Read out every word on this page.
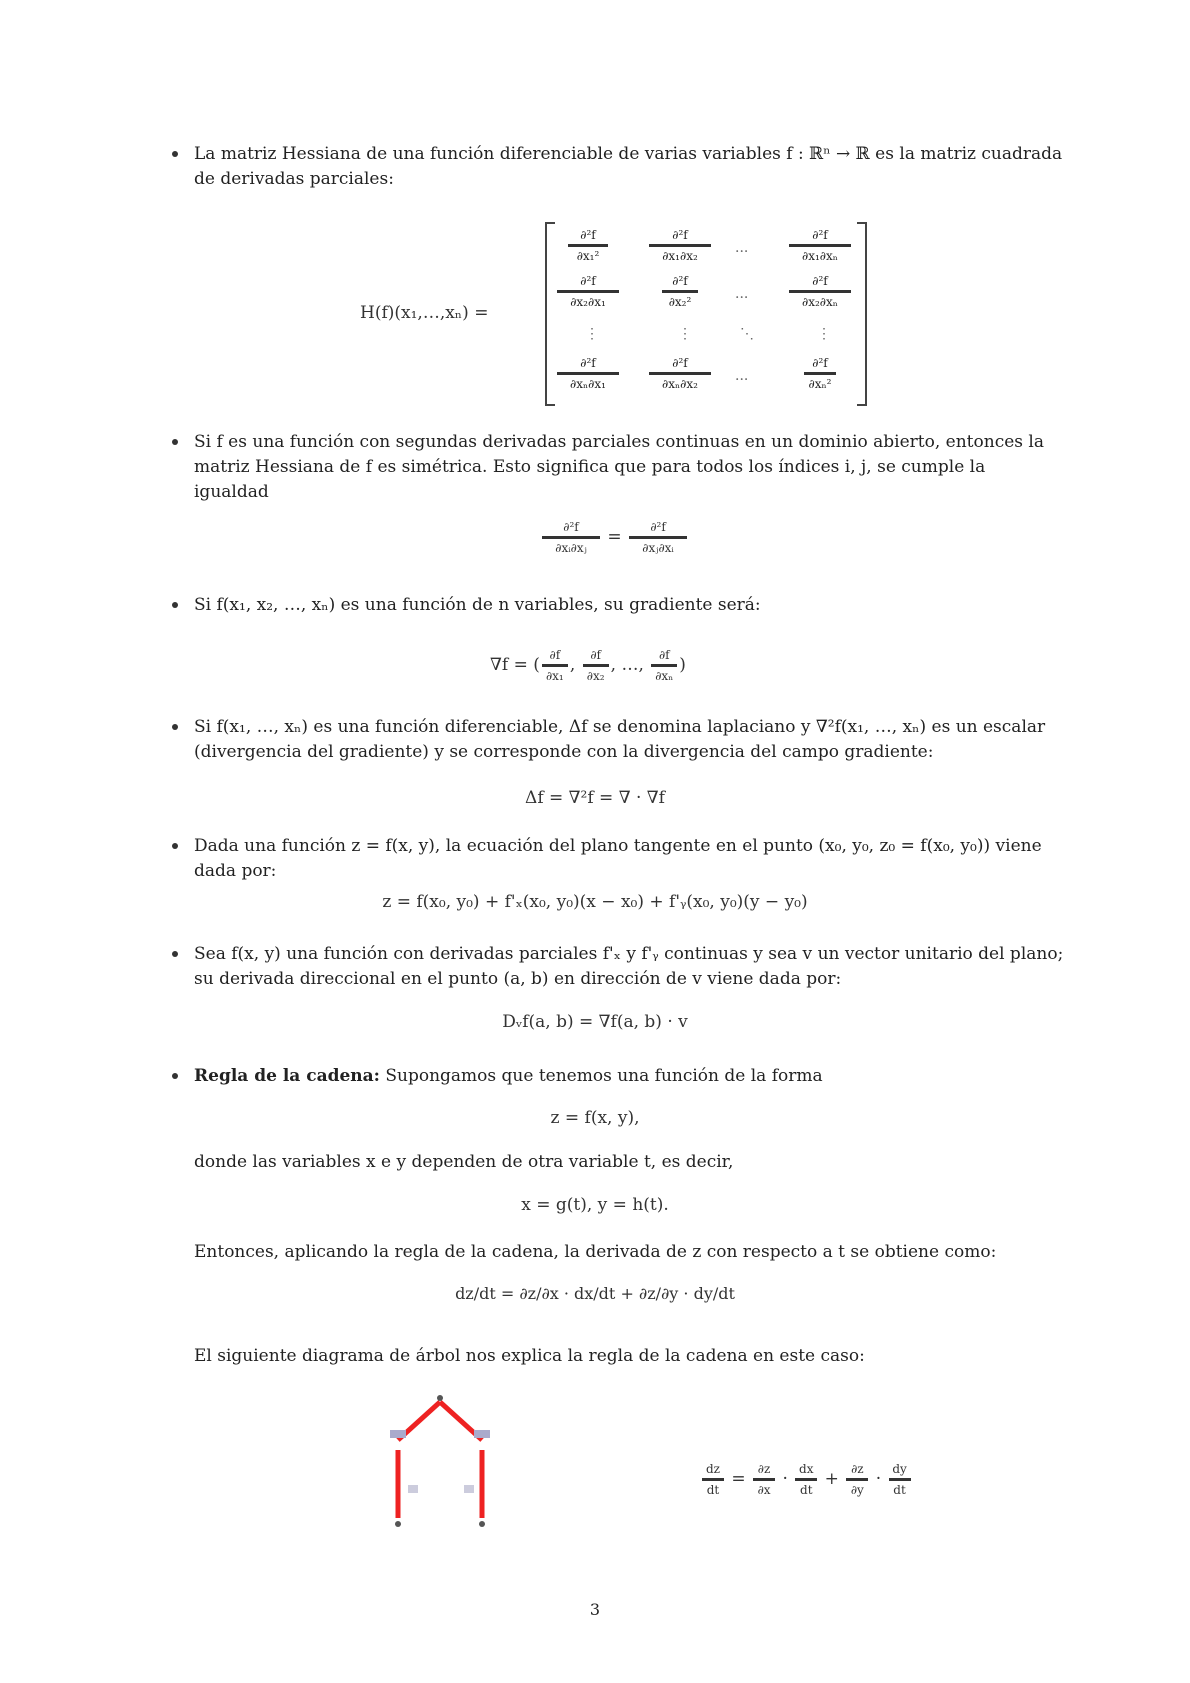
La matriz Hessiana de una función diferenciable de varias variables f : ℝⁿ → ℝ es la matriz cuadrada de derivadas parciales:
H(f)(x₁,…,xₙ) =
$\frac{\text{∂²f}}{\text{∂x₁²}}$	$\frac{\text{∂²f}}{\text{∂x₁∂x₂}}$ ···	$\frac{\text{∂²f}}{\text{∂x₁∂xₙ}}$
$\frac{\text{∂²f}}{\text{∂x₂∂x₁}}$	$\frac{\text{∂²f}}{\text{∂x₂²}}$	···	$\frac{\text{∂²f}}{\text{∂x₂∂xₙ}}$
⋮	⋮	⋱	⋮
$\frac{\text{∂²f}}{\text{∂xₙ∂x₁}}$	$\frac{\text{∂²f}}{\text{∂xₙ∂x₂}}$ ···	$\frac{\text{∂²f}}{\text{∂xₙ²}}$
Si f es una función con segundas derivadas parciales continuas en un dominio abierto, entonces la matriz Hessiana de f es simétrica. Esto significa que para todos los índices i, j, se cumple la igualdad
$\frac{\text{∂²f}}{\text{∂xᵢ∂xⱼ}} = \frac{\text{∂²f}}{\text{∂xⱼ∂xᵢ}}$
Si f(x₁, x₂, …, xₙ) es una función de n variables, su gradiente será:
∇f = ( $\frac{\partial f}{\text{∂x₁}}$ , $\frac{\partial f}{\text{∂x₂}}$ , …, $\frac{\partial f}{\text{∂xₙ}}$ )
Si f(x₁, …, xₙ) es una función diferenciable, Δf se denomina laplaciano y ∇²f(x₁, …, xₙ) es un escalar (divergencia del gradiente) y se corresponde con la divergencia del campo gradiente:
Δf = ∇²f = ∇ · ∇f
Dada una función z = f(x, y), la ecuación del plano tangente en el punto (x₀, y₀, z₀ = f(x₀, y₀)) viene dada por:
z = f(x₀, y₀) + f'ₓ(x₀, y₀)(x − x₀) + f'ᵧ(x₀, y₀)(y − y₀)
Sea f(x, y) una función con derivadas parciales f'ₓ y f'ᵧ continuas y sea v un vector unitario del plano; su derivada direccional en el punto (a, b) en dirección de v viene dada por:
Dᵥf(a, b) = ∇f(a, b) · v
Regla de la cadena: Supongamos que tenemos una función de la forma
z = f(x, y),
donde las variables x e y dependen de otra variable t, es decir,
x = g(t), y = h(t).
Entonces, aplicando la regla de la cadena, la derivada de z con respecto a t se obtiene como:
dz/dt = ∂z/∂x · dx/dt + ∂z/∂y · dy/dt
El siguiente diagrama de árbol nos explica la regla de la cadena en este caso:
$\frac{dz}{dt} = \frac{\partial z}{\partial x} \cdot \frac{dx}{dt} + \frac{\partial z}{\partial y} \cdot \frac{dy}{dt}$
3
